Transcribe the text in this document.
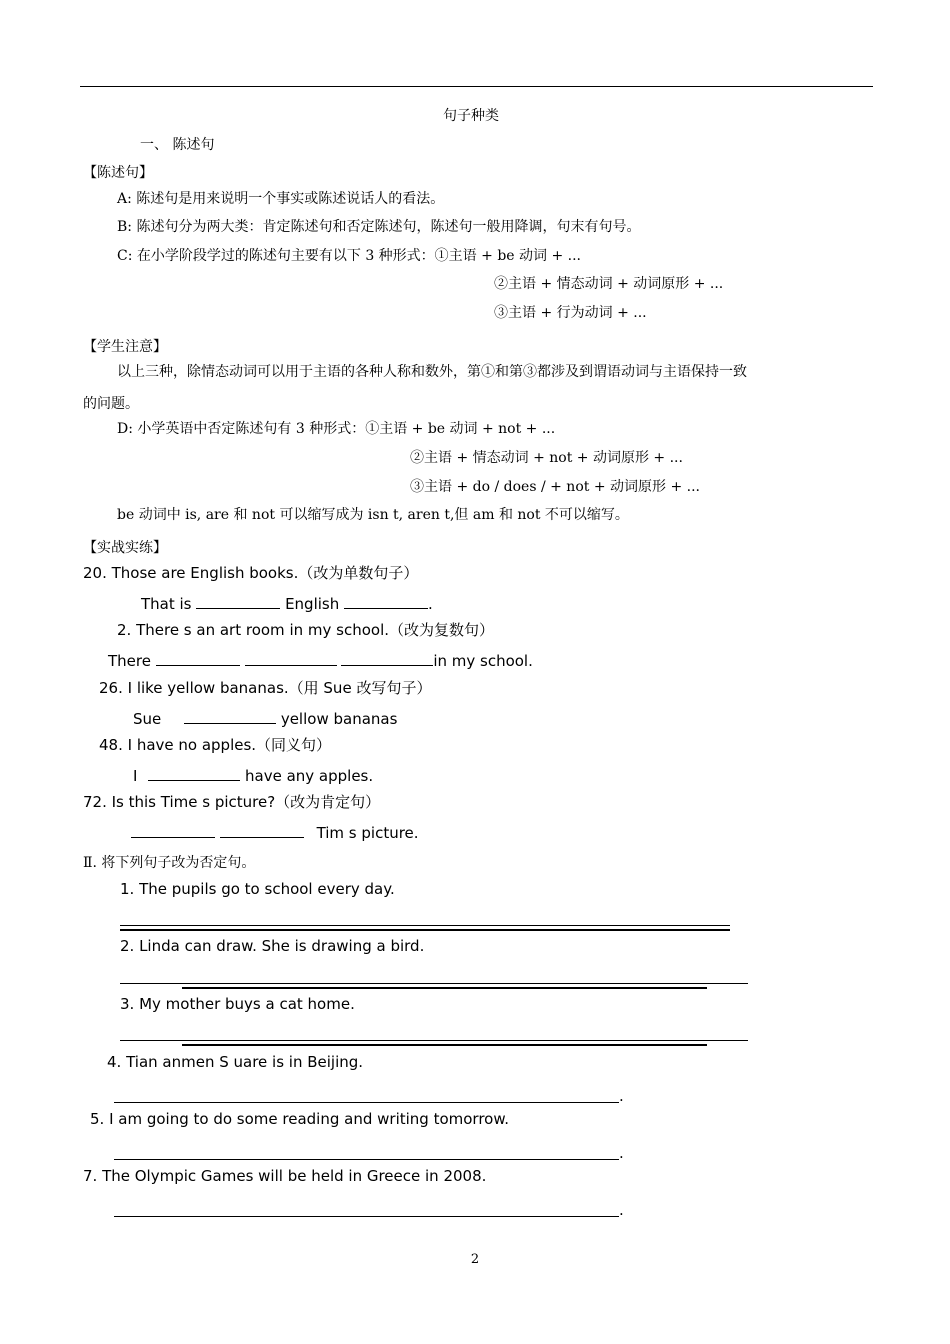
句子种类
一、 陈述句
【陈述句】
A: 陈述句是用来说明一个事实或陈述说话人的看法。
B: 陈述句分为两大类：肯定陈述句和否定陈述句，陈述句一般用降调，句末有句号。
C: 在小学阶段学过的陈述句主要有以下 3 种形式：①主语 + be 动词 + ...
②主语 + 情态动词 + 动词原形 + ...
③主语 + 行为动词 + ...
【学生注意】
以上三种，除情态动词可以用于主语的各种人称和数外，第①和第③都涉及到谓语动词与主语保持一致
的问题。
D: 小学英语中否定陈述句有 3 种形式：①主语 + be 动词 + not + ...
②主语 + 情态动词 + not + 动词原形 + ...
③主语 + do / does / + not + 动词原形 + ...
be 动词中 is, are 和 not 可以缩写成为 isn t, aren t,但 am 和 not 不可以缩写。
【实战实练】
20. Those are English books.（改为单数句子）
That is	English	.
2. There s an art room in my school.（改为复数句）
There	in my school.
26. I like yellow bananas.（用 Sue 改写句子）
Sue	yellow bananas
48. I have no apples.（同义句）
I	have any apples.
72. Is this Time s picture?（改为肯定句）
Tim s picture.
Ⅱ. 将下列句子改为否定句。
1. The pupils go to school every day.
2. Linda can draw. She is drawing a bird.
3. My mother buys a cat home.
4. Tian anmen S uare is in Beijing.
.
5. I am going to do some reading and writing tomorrow.
.
7. The Olympic Games will be held in Greece in 2008.
.
2
